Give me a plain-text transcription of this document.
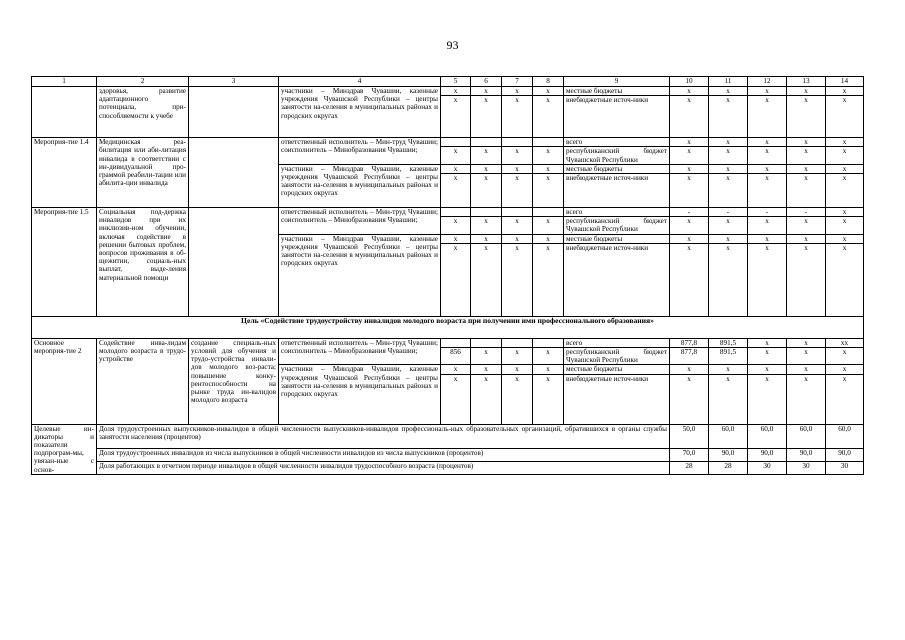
93
1	2	3	4	5	6	7	8	9	10	11	12	13	14
	здоровья, развитие адаптационного потенциала, при-способляемости к учебе		участники – Минздрав Чувашии, казенные учреждения Чувашской Республики – центры занятости на-селения в муниципальных районах и городских округах	x	x	x	x	местные бюджеты	x	x	x	x	x
				x	x	x	x	внебюджетные источ-ники	x	x	x	x	x
Мероприя-тие 1.4	Медицинская реа-билитация или аби-литация инвалида в соответствии с ин-дивидуальной про-граммой реабили-тации или абилита-ции инвалида		ответственный исполнитель – Мин-труд Чувашии; соисполнитель – Минобразования Чувашии;					всего	x	x	x	x	x
				x	x	x	x	республиканский бюджет Чувашской Республики	x	x	x	x	x
			участники – Минздрав Чувашии, казенные учреждения Чувашской Республики – центры занятости на-селения в муниципальных районах и городских округах	x	x	x	x	местные бюджеты	x	x	x	x	x
				x	x	x	x	внебюджетные источ-ники	x	x	x	x	x
Мероприя-тие 1.5	Социальная под-держка инвалидов при их инклюзив-ном обучении, включая содействие в решении бытовых проблем, вопросов проживания в об-щежитии, социаль-ных выплат, выде-ления материальной помощи		ответственный исполнитель – Мин-труд Чувашии; соисполнитель – Минобразования Чувашии;					всего	-	-	-	-	x
				x	x	x	x	республиканский бюджет Чувашской Республики	x	x	x	x	x
			участники – Минздрав Чувашии, казенные учреждения Чувашской Республики – центры занятости на-селения в муниципальных районах и городских округах	x	x	x	x	местные бюджеты	x	x	x	x	x
				x	x	x	x	внебюджетные источ-ники	x	x	x	x	x
Цель «Содействие трудоустройству инвалидов молодого возраста при получении ими профессионального образования»													
Основное мероприя-тие 2	Содействие инва-лидам молодого возраста в трудо-устройстве	создание специаль-ных условий для обучения и трудо-устройства инвали-дов молодого воз-раста; повышение конку-рентоспособности на рынке труда ин-валидов молодого возраста	ответственный исполнитель – Мин-труд Чувашии; соисполнитель – Минобразования Чувашии;					всего	877,8	891,5	x	x	xx
				856	x	x	x	республиканский бюджет Чувашской Республики	877,8	891,5	x	x	x
			участники – Минздрав Чувашии, казенные учреждения Чувашской Республики – центры занятости на-селения в муниципальных районах и городских округах	x	x	x	x	местные бюджеты	x	x	x	x	x
				x	x	x	x	внебюджетные источ-ники	x	x	x	x	x
Целевые ин-дикаторы и показатели подпрограм-мы, увязан-ные с основ-	Доля трудоустроенных выпускников-инвалидов в общей численности выпускников-инвалидов профессиональ-ных образовательных организаций, обратившихся в органы службы занятости населения (процентов)								50,0	60,0	60,0	60,0	60,0
	Доля трудоустроенных инвалидов из числа выпускников в общей численности инвалидов из числа выпускников (процентов)								70,0	90,0	90,0	90,0	90,0
	Доля работающих в отчетном периоде инвалидов в общей численности инвалидов трудоспособного возраста (процентов)								28	28	30	30	30
